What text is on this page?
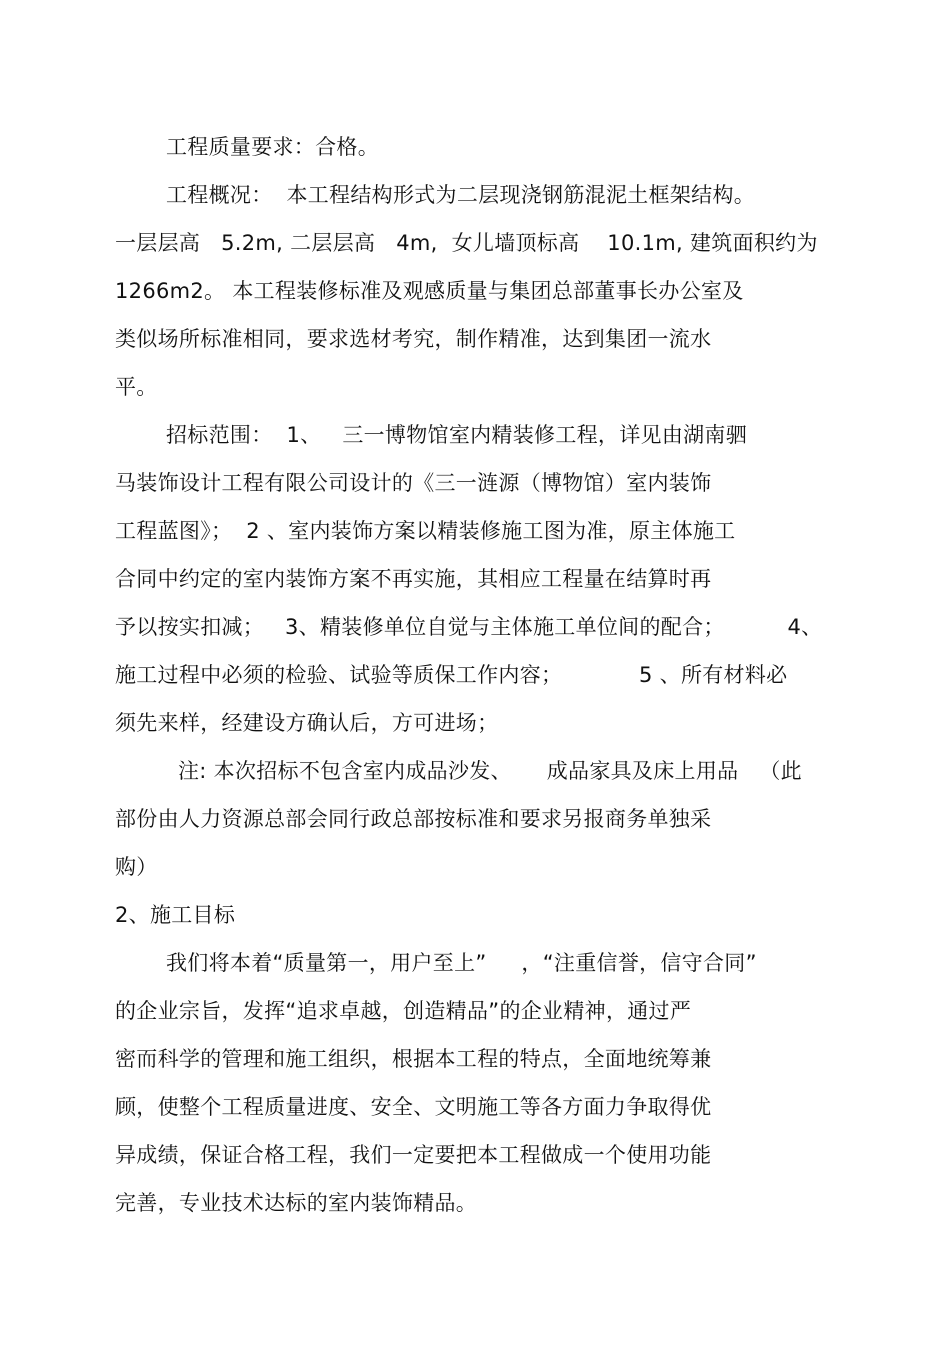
工程质量要求：合格。
工程概况：  本工程结构形式为二层现浇钢筋混泥土框架结构。
一层层高   5.2m, 二层层高   4m,  女儿墙顶标高    10.1m, 建筑面积约为
1266m2。 本工程装修标准及观感质量与集团总部董事长办公室及
类似场所标准相同，要求选材考究，制作精准，达到集团一流水
平。
招标范围：  1、   三一博物馆室内精装修工程，详见由湖南驷
马装饰设计工程有限公司设计的《三一涟源（博物馆）室内装饰
工程蓝图》；  2 、室内装饰方案以精装修施工图为准，原主体施工
合同中约定的室内装饰方案不再实施，其相应工程量在结算时再
予以按实扣减；   3、精装修单位自觉与主体施工单位间的配合；         4、
施工过程中必须的检验、试验等质保工作内容；           5 、所有材料必
须先来样，经建设方确认后，方可进场；
注: 本次招标不包含室内成品沙发、     成品家具及床上用品   （此
部份由人力资源总部会同行政总部按标准和要求另报商务单独采
购）
2、施工目标
我们将本着“质量第一，用户至上”     ，“注重信誉，信守合同”
的企业宗旨，发挥“追求卓越，创造精品”的企业精神，通过严
密而科学的管理和施工组织，根据本工程的特点，全面地统筹兼
顾，使整个工程质量进度、安全、文明施工等各方面力争取得优
异成绩，保证合格工程，我们一定要把本工程做成一个使用功能
完善，专业技术达标的室内装饰精品。
